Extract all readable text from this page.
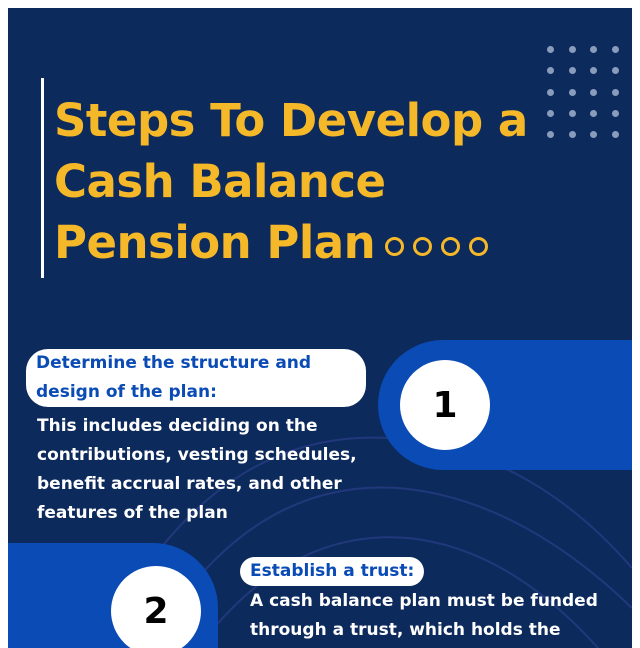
Steps To Develop a
Cash Balance
Pension Plan
1
Determine the structure and design of the plan:
This includes deciding on the contributions, vesting schedules, benefit accrual rates, and other features of the plan
2
Establish a trust:
A cash balance plan must be funded through a trust, which holds the
